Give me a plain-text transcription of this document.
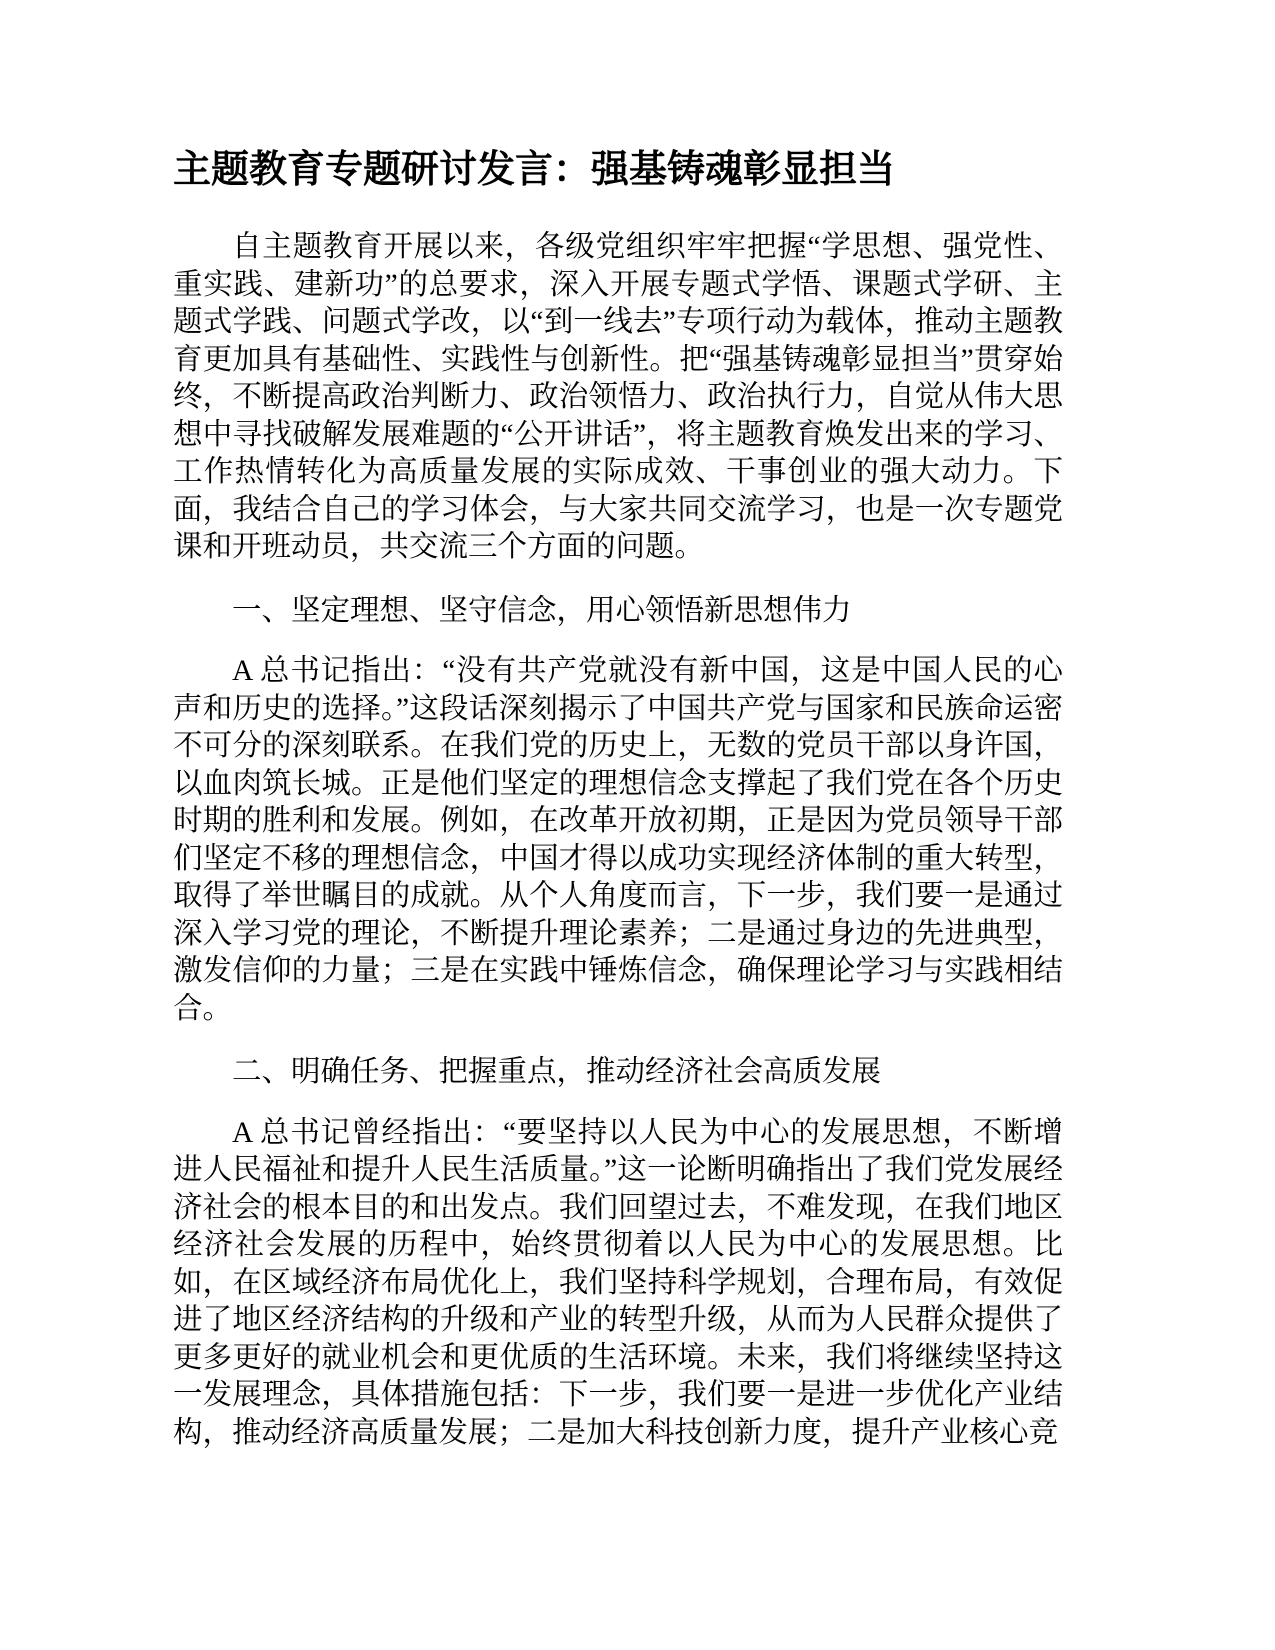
主题教育专题研讨发言：强基铸魂彰显担当

自主题教育开展以来，各级党组织牢牢把握“学思想、强党性、重实践、建新功”的总要求，深入开展专题式学悟、课题式学研、主题式学践、问题式学改，以“到一线去”专项行动为载体，推动主题教育更加具有基础性、实践性与创新性。把“强基铸魂彰显担当”贯穿始终，不断提高政治判断力、政治领悟力、政治执行力，自觉从伟大思想中寻找破解发展难题的“公开讲话”，将主题教育焕发出来的学习、工作热情转化为高质量发展的实际成效、干事创业的强大动力。下面，我结合自己的学习体会，与大家共同交流学习，也是一次专题党课和开班动员，共交流三个方面的问题。

一、坚定理想、坚守信念，用心领悟新思想伟力

A 总书记指出：“没有共产党就没有新中国，这是中国人民的心声和历史的选择。”这段话深刻揭示了中国共产党与国家和民族命运密不可分的深刻联系。在我们党的历史上，无数的党员干部以身许国，以血肉筑长城。正是他们坚定的理想信念支撑起了我们党在各个历史时期的胜利和发展。例如，在改革开放初期，正是因为党员领导干部们坚定不移的理想信念，中国才得以成功实现经济体制的重大转型，取得了举世瞩目的成就。从个人角度而言，下一步，我们要一是通过深入学习党的理论，不断提升理论素养；二是通过身边的先进典型，激发信仰的力量；三是在实践中锤炼信念，确保理论学习与实践相结合。

二、明确任务、把握重点，推动经济社会高质发展

A 总书记曾经指出：“要坚持以人民为中心的发展思想，不断增进人民福祉和提升人民生活质量。”这一论断明确指出了我们党发展经济社会的根本目的和出发点。我们回望过去，不难发现，在我们地区经济社会发展的历程中，始终贯彻着以人民为中心的发展思想。比如，在区域经济布局优化上，我们坚持科学规划，合理布局，有效促进了地区经济结构的升级和产业的转型升级，从而为人民群众提供了更多更好的就业机会和更优质的生活环境。未来，我们将继续坚持这一发展理念，具体措施包括：下一步，我们要一是进一步优化产业结构，推动经济高质量发展；二是加大科技创新力度，提升产业核心竞
